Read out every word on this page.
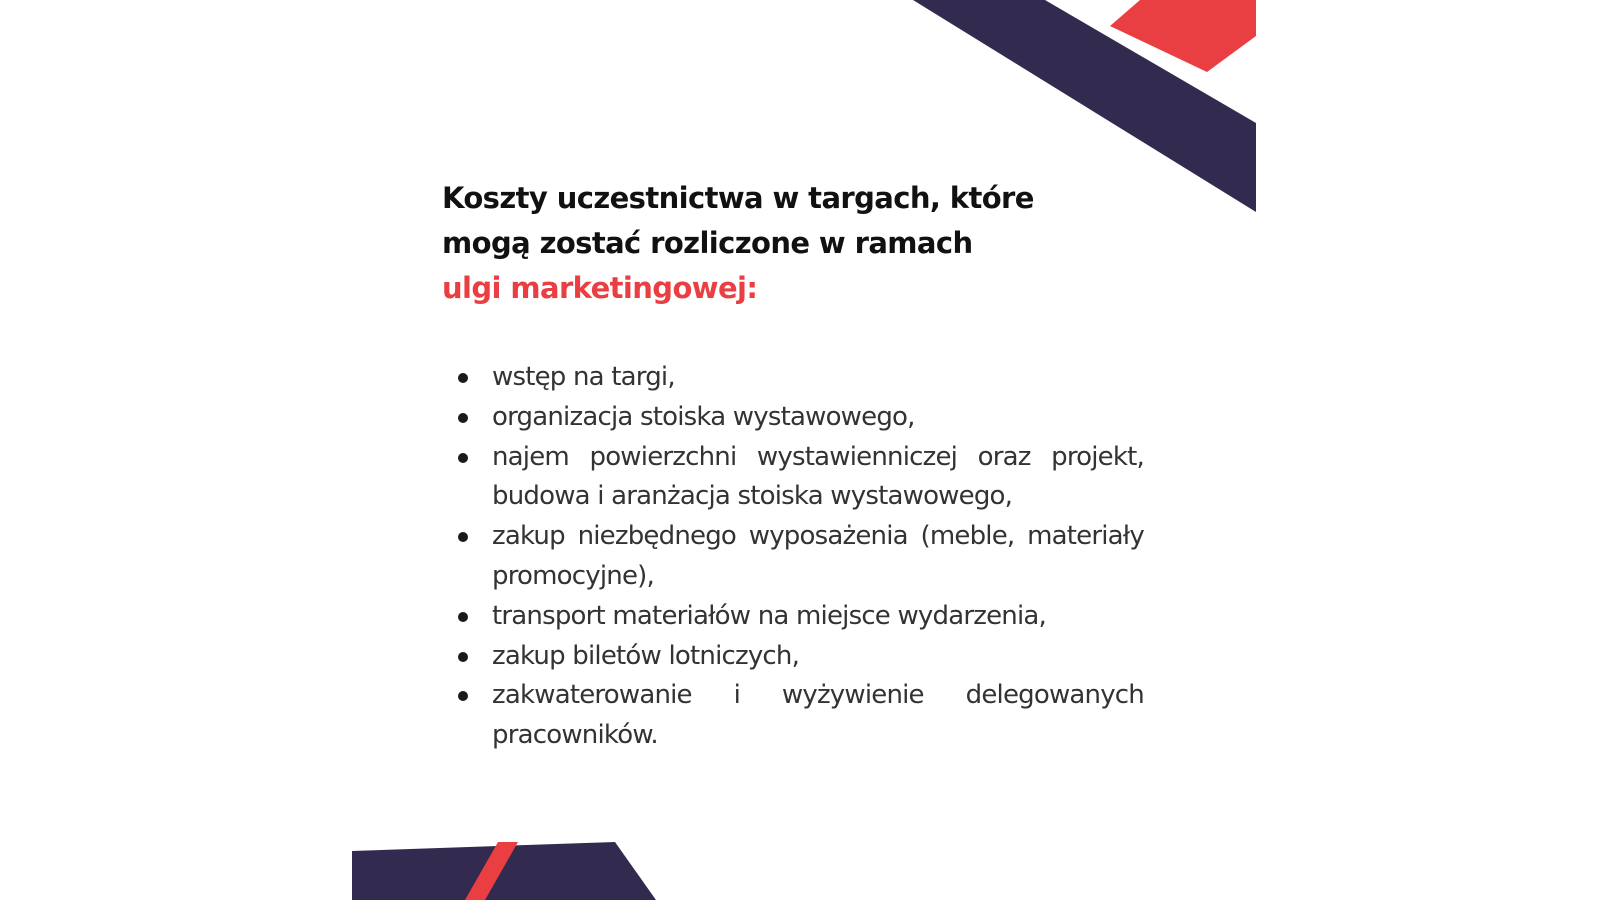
Koszty uczestnictwa w targach, które
mogą zostać rozliczone w ramach
ulgi marketingowej:
wstęp na targi,
organizacja stoiska wystawowego,
najem powierzchni wystawienniczej oraz projekt, budowa i aranżacja stoiska wystawowego,
zakup niezbędnego wyposażenia (meble, materiały promocyjne),
transport materiałów na miejsce wydarzenia,
zakup biletów lotniczych,
zakwaterowanie i wyżywienie delegowanych pracowników.
